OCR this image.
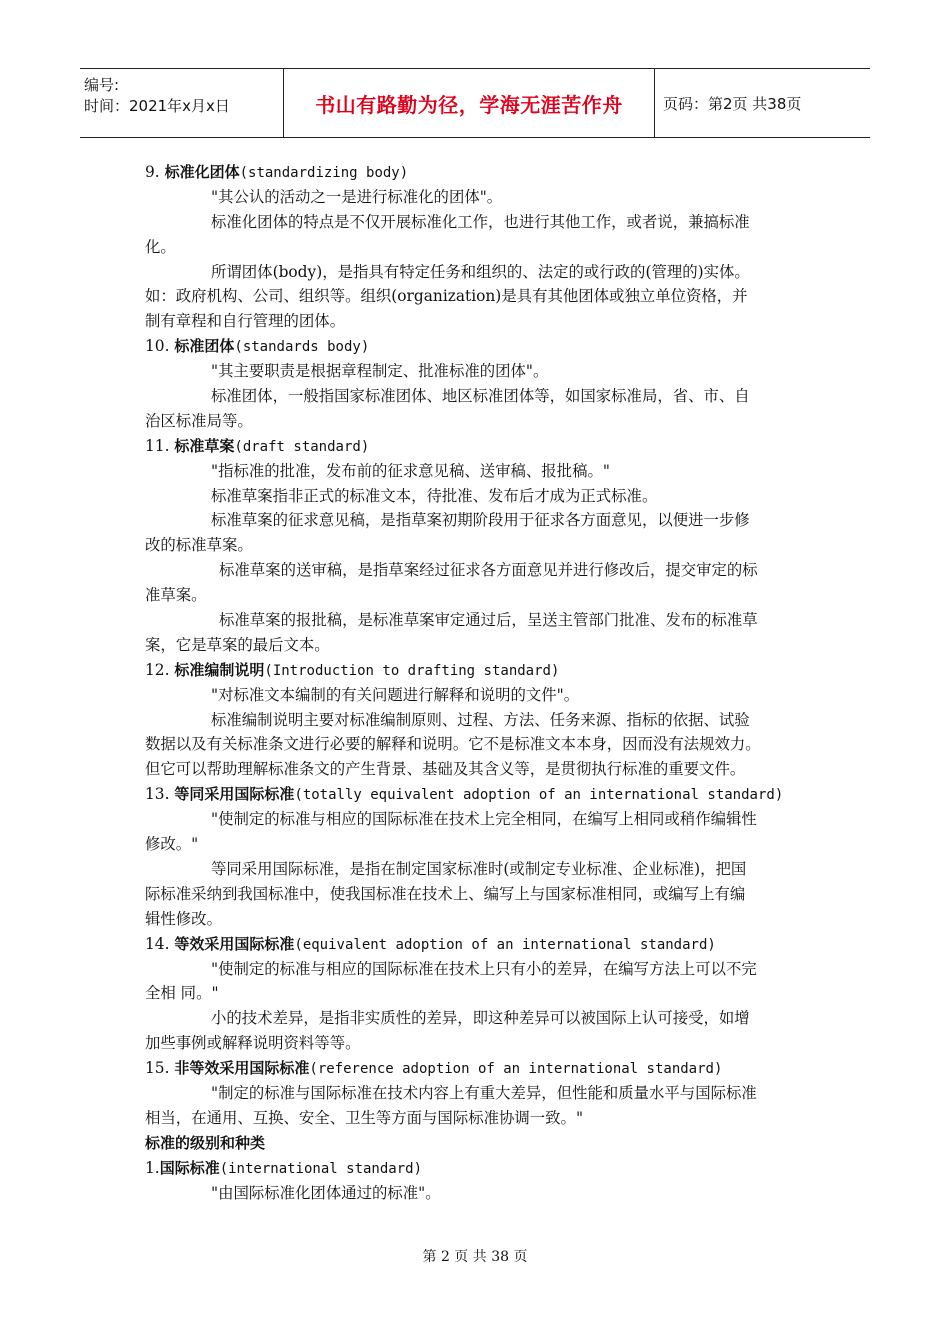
编号:
时间：2021年x月x日	书山有路勤为径，学海无涯苦作舟	页码：第2页 共38页
9. 标准化团体(standardizing body)
"其公认的活动之一是进行标准化的团体"。
标准化团体的特点是不仅开展标准化工作，也进行其他工作，或者说，兼搞标准
化。
所谓团体(body)，是指具有特定任务和组织的、法定的或行政的(管理的)实体。
如：政府机构、公司、组织等。组织(organization)是具有其他团体或独立单位资格，并
制有章程和自行管理的团体。
10. 标准团体(standards body)
"其主要职责是根据章程制定、批准标准的团体"。
标准团体，一般指国家标准团体、地区标准团体等，如国家标准局，省、市、自
治区标准局等。
11. 标准草案(draft standard)
"指标准的批准，发布前的征求意见稿、送审稿、报批稿。"
标准草案指非正式的标准文本，待批准、发布后才成为正式标准。
标准草案的征求意见稿，是指草案初期阶段用于征求各方面意见，以便进一步修
改的标准草案。
标准草案的送审稿，是指草案经过征求各方面意见并进行修改后，提交审定的标
准草案。
标准草案的报批稿，是标准草案审定通过后，呈送主管部门批准、发布的标准草
案，它是草案的最后文本。
12. 标准编制说明(Introduction to drafting standard)
"对标准文本编制的有关问题进行解释和说明的文件"。
标准编制说明主要对标准编制原则、过程、方法、任务来源、指标的依据、试验
数据以及有关标准条文进行必要的解释和说明。它不是标准文本本身，因而没有法规效力。
但它可以帮助理解标准条文的产生背景、基础及其含义等，是贯彻执行标准的重要文件。
13. 等同采用国际标准(totally equivalent adoption of an international standard)
"使制定的标准与相应的国际标准在技术上完全相同，在编写上相同或稍作编辑性
修改。"
等同采用国际标准，是指在制定国家标准时(或制定专业标准、企业标准)，把国
际标准采纳到我国标准中，使我国标准在技术上、编写上与国家标准相同，或编写上有编
辑性修改。
14. 等效采用国际标准(equivalent adoption of an international standard)
"使制定的标准与相应的国际标准在技术上只有小的差异，在编写方法上可以不完
全相 同。"
小的技术差异，是指非实质性的差异，即这种差异可以被国际上认可接受，如增
加些事例或解释说明资料等等。
15. 非等效采用国际标准(reference adoption of an international standard)
"制定的标准与国际标准在技术内容上有重大差异，但性能和质量水平与国际标准
相当，在通用、互换、安全、卫生等方面与国际标准协调一致。"
标准的级别和种类
1.国际标准(international standard)
"由国际标准化团体通过的标准"。
第 2 页 共 38 页
